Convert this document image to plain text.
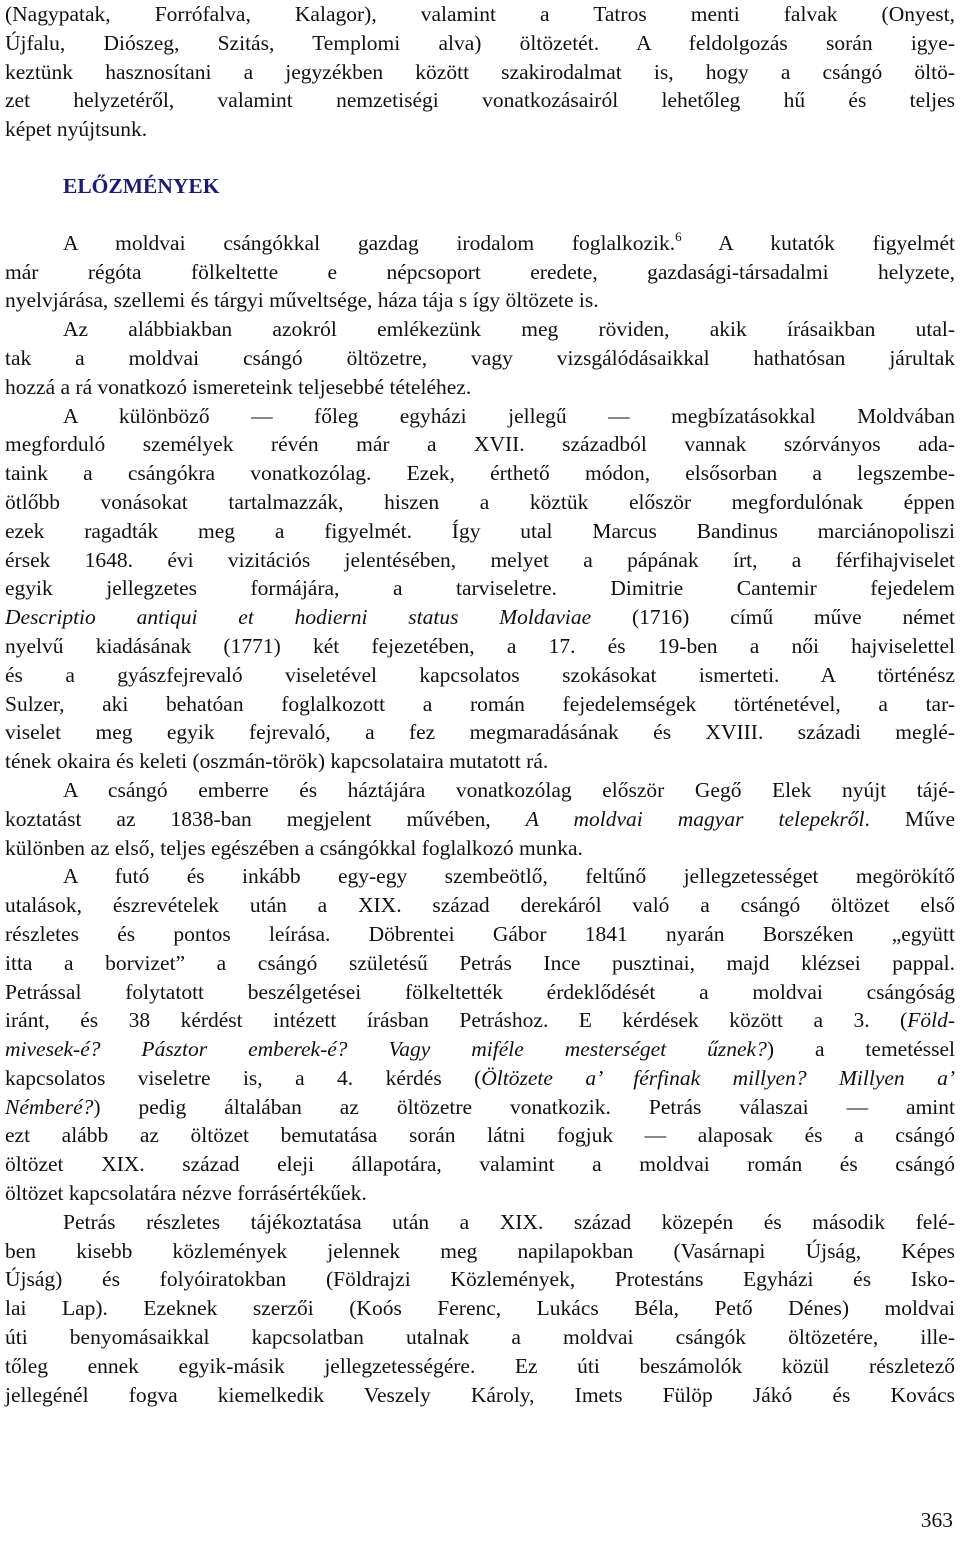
(Nagypatak, Forrófalva, Kalagor), valamint a Tatros menti falvak (Onyest,
Újfalu, Diószeg, Szitás, Templomi alva) öltözetét. A feldolgozás során igye-
keztünk hasznosítani a jegyzékben között szakirodalmat is, hogy a csángó öltö-
zet helyzetéről, valamint nemzetiségi vonatkozásairól lehetőleg hű és teljes
képet nyújtsunk.
ELŐZMÉNYEK
A moldvai csángókkal gazdag irodalom foglalkozik.$^6$ A kutatók figyelmét
már régóta fölkeltette e népcsoport eredete, gazdasági-társadalmi helyzete,
nyelvjárása, szellemi és tárgyi műveltsége, háza tája s így öltözete is.
Az alábbiakban azokról emlékezünk meg röviden, akik írásaikban utal-
tak a moldvai csángó öltözetre, vagy vizsgálódásaikkal hathatósan járultak
hozzá a rá vonatkozó ismereteink teljesebbé tételéhez.
A különböző — főleg egyházi jellegű — megbízatásokkal Moldvában
megforduló személyek révén már a XVII. századból vannak szórványos ada-
taink a csángókra vonatkozólag. Ezek, érthető módon, elsősorban a legszembe-
ötlőbb vonásokat tartalmazzák, hiszen a köztük először megfordulónak éppen
ezek ragadták meg a figyelmét. Így utal Marcus Bandinus marciánopoliszi
érsek 1648. évi vizitációs jelentésében, melyet a pápának írt, a férfihajviselet
egyik jellegzetes formájára, a tarviseletre. Dimitrie Cantemir fejedelem
Descriptio antiqui et hodierni status Moldaviae (1716) című műve német
nyelvű kiadásának (1771) két fejezetében, a 17. és 19-ben a női hajviselettel
és a gyászfejrevaló viseletével kapcsolatos szokásokat ismerteti. A történész
Sulzer, aki behatóan foglalkozott a román fejedelemségek történetével, a tar-
viselet meg egyik fejrevaló, a fez megmaradásának és XVIII. századi meglé-
tének okaira és keleti (oszmán-török) kapcsolataira mutatott rá.
A csángó emberre és háztájára vonatkozólag először Gegő Elek nyújt tájé-
koztatást az 1838-ban megjelent művében, A moldvai magyar telepekről. Műve
különben az első, teljes egészében a csángókkal foglalkozó munka.
A futó és inkább egy-egy szembeötlő, feltűnő jellegzetességet megörökítő
utalások, észrevételek után a XIX. század derekáról való a csángó öltözet első
részletes és pontos leírása. Döbrentei Gábor 1841 nyarán Borszéken „együtt
itta a borvizet” a csángó születésű Petrás Ince pusztinai, majd klézsei pappal.
Petrással folytatott beszélgetései fölkeltették érdeklődését a moldvai csángóság
iránt, és 38 kérdést intézett írásban Petráshoz. E kérdések között a 3. (Föld-
mivesek-é? Pásztor emberek-é? Vagy miféle mesterséget űznek?) a temetéssel
kapcsolatos viseletre is, a 4. kérdés (Öltözete a’ férfinak millyen? Millyen a’
Némberé?) pedig általában az öltözetre vonatkozik. Petrás válaszai — amint
ezt alább az öltözet bemutatása során látni fogjuk — alaposak és a csángó
öltözet XIX. század eleji állapotára, valamint a moldvai román és csángó
öltözet kapcsolatára nézve forrásértékűek.
Petrás részletes tájékoztatása után a XIX. század közepén és második felé-
ben kisebb közlemények jelennek meg napilapokban (Vasárnapi Újság, Képes
Újság) és folyóiratokban (Földrajzi Közlemények, Protestáns Egyházi és Isko-
lai Lap). Ezeknek szerzői (Koós Ferenc, Lukács Béla, Pető Dénes) moldvai
úti benyomásaikkal kapcsolatban utalnak a moldvai csángók öltözetére, ille-
tőleg ennek egyik-másik jellegzetességére. Ez úti beszámolók közül részletező
jellegénél fogva kiemelkedik Veszely Károly, Imets Fülöp Jákó és Kovács
363
